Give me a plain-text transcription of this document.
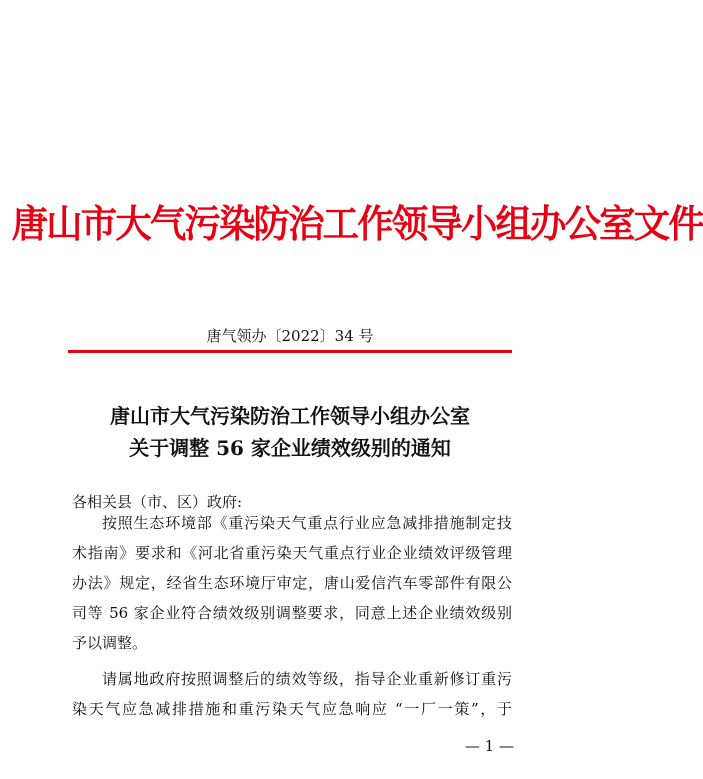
唐山市大气污染防治工作领导小组办公室文件
唐气领办〔2022〕34 号
唐山市大气污染防治工作领导小组办公室
关于调整 56 家企业绩效级别的通知
各相关县（市、区）政府:
按照生态环境部《重污染天气重点行业应急减排措施制定技
术指南》要求和《河北省重污染天气重点行业企业绩效评级管理
办法》规定，经省生态环境厅审定，唐山爱信汽车零部件有限公
司等 56 家企业符合绩效级别调整要求，同意上述企业绩效级别
予以调整。
请属地政府按照调整后的绩效等级，指导企业重新修订重污
染天气应急减排措施和重污染天气应急响应 “一厂一策”，于
— 1 —
